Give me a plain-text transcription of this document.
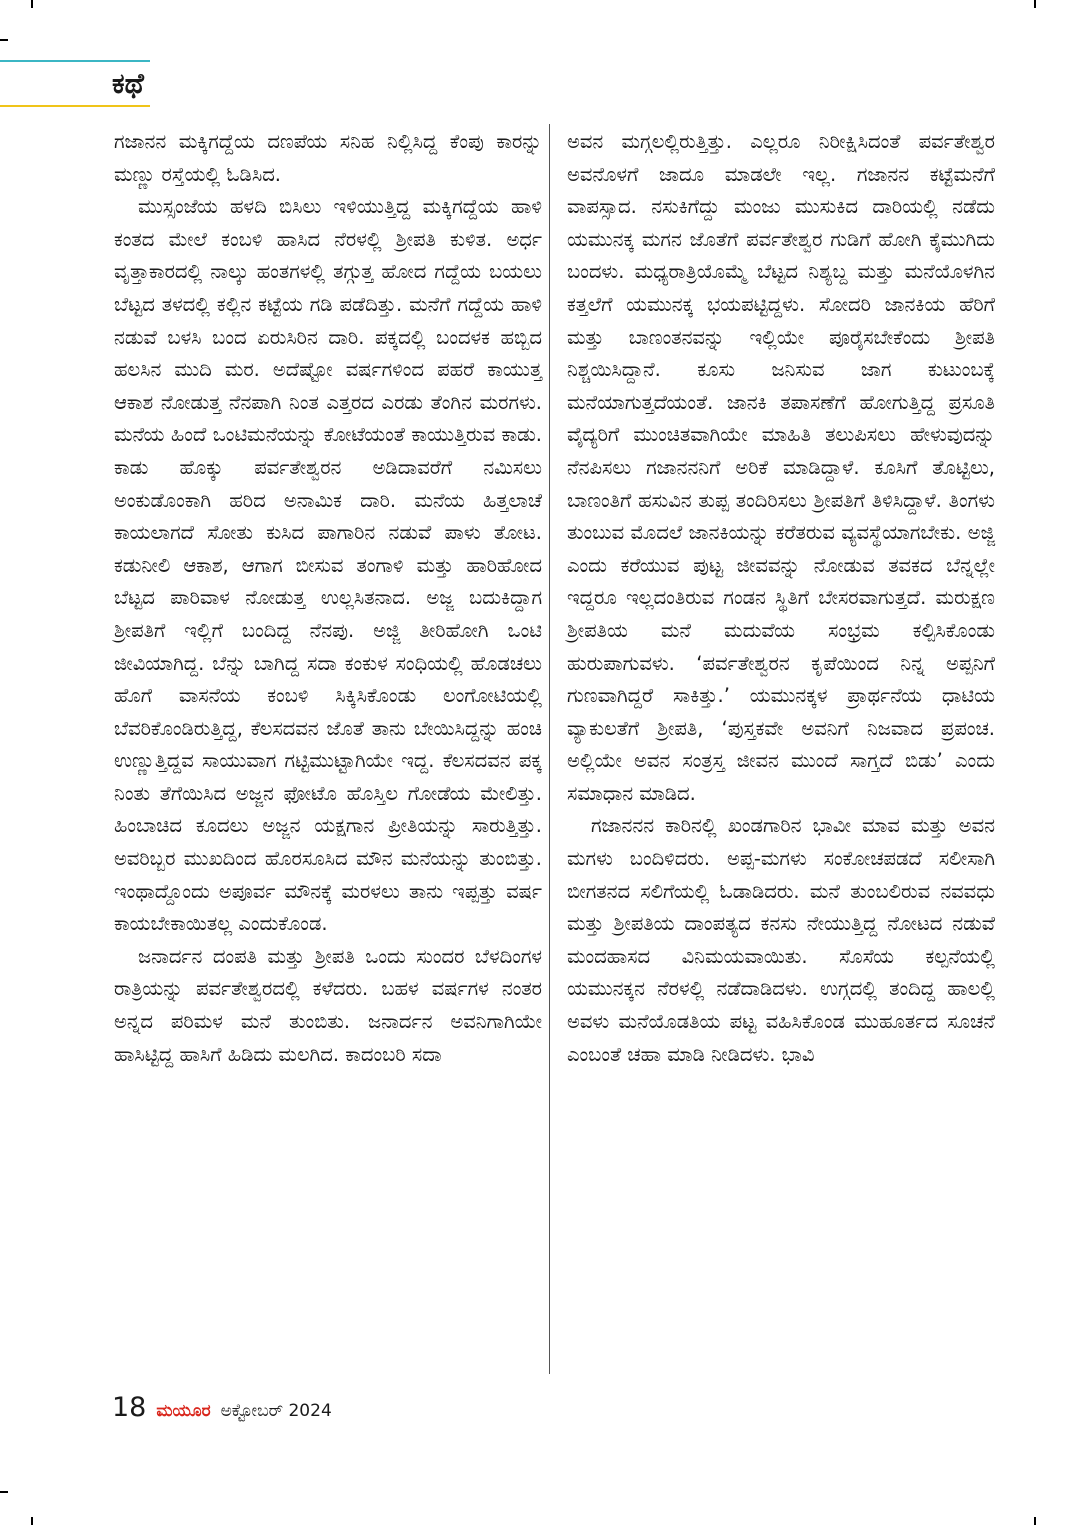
ಕಥೆ

ಗಜಾನನ ಮಕ್ಕಿಗದ್ದೆಯ ದಣಪೆಯ ಸನಿಹ ನಿಲ್ಲಿಸಿದ್ದ ಕೆಂಪು ಕಾರನ್ನು ಮಣ್ಣು ರಸ್ತೆಯಲ್ಲಿ ಓಡಿಸಿದ.

ಮುಸ್ಸಂಜೆಯ ಹಳದಿ ಬಿಸಿಲು ಇಳಿಯುತ್ತಿದ್ದ ಮಕ್ಕಿಗದ್ದೆಯ ಹಾಳಿ ಕಂತದ ಮೇಲೆ ಕಂಬಳಿ ಹಾಸಿದ ನೆರಳಲ್ಲಿ ಶ್ರೀಪತಿ ಕುಳಿತ. ಅರ್ಧ ವೃತ್ತಾಕಾರದಲ್ಲಿ ನಾಲ್ಕು ಹಂತಗಳಲ್ಲಿ ತಗ್ಗುತ್ತ ಹೋದ ಗದ್ದೆಯ ಬಯಲು ಬೆಟ್ಟದ ತಳದಲ್ಲಿ ಕಲ್ಲಿನ ಕಟ್ಟೆಯ ಗಡಿ ಪಡೆದಿತ್ತು. ಮನೆಗೆ ಗದ್ದೆಯ ಹಾಳಿ ನಡುವೆ ಬಳಸಿ ಬಂದ ಏರುಸಿರಿನ ದಾರಿ. ಪಕ್ಕದಲ್ಲಿ ಬಂದಳಕ ಹಬ್ಬಿದ ಹಲಸಿನ ಮುದಿ ಮರ. ಅದೆಷ್ಟೋ ವರ್ಷಗಳಿಂದ ಪಹರೆ ಕಾಯುತ್ತ ಆಕಾಶ ನೋಡುತ್ತ ನೆನಪಾಗಿ ನಿಂತ ಎತ್ತರದ ಎರಡು ತೆಂಗಿನ ಮರಗಳು. ಮನೆಯ ಹಿಂದೆ ಒಂಟಿಮನೆಯನ್ನು ಕೋಟೆಯಂತೆ ಕಾಯುತ್ತಿರುವ ಕಾಡು. ಕಾಡು ಹೊಕ್ಕು ಪರ್ವತೇಶ್ವರನ ಅಡಿದಾವರೆಗೆ ನಮಿಸಲು ಅಂಕುಡೊಂಕಾಗಿ ಹರಿದ ಅನಾಮಿಕ ದಾರಿ. ಮನೆಯ ಹಿತ್ತಲಾಚೆ ಕಾಯಲಾಗದೆ ಸೋತು ಕುಸಿದ ಪಾಗಾರಿನ ನಡುವೆ ಪಾಳು ತೋಟ. ಕಡುನೀಲಿ ಆಕಾಶ, ಆಗಾಗ ಬೀಸುವ ತಂಗಾಳಿ ಮತ್ತು ಹಾರಿಹೋದ ಬೆಟ್ಟದ ಪಾರಿವಾಳ ನೋಡುತ್ತ ಉಲ್ಲಸಿತನಾದ. ಅಜ್ಜ ಬದುಕಿದ್ದಾಗ ಶ್ರೀಪತಿಗೆ ಇಲ್ಲಿಗೆ ಬಂದಿದ್ದ ನೆನಪು. ಅಜ್ಜಿ ತೀರಿಹೋಗಿ ಒಂಟಿ ಜೀವಿಯಾಗಿದ್ದ. ಬೆನ್ನು ಬಾಗಿದ್ದ ಸದಾ ಕಂಕುಳ ಸಂಧಿಯಲ್ಲಿ ಹೊಡಚಲು ಹೊಗೆ ವಾಸನೆಯ ಕಂಬಳಿ ಸಿಕ್ಕಿಸಿಕೊಂಡು ಲಂಗೋಟಿಯಲ್ಲಿ ಬೆವರಿಕೊಂಡಿರುತ್ತಿದ್ದ, ಕೆಲಸದವನ ಜೊತೆ ತಾನು ಬೇಯಿಸಿದ್ದನ್ನು ಹಂಚಿ ಉಣ್ಣುತ್ತಿದ್ದವ ಸಾಯುವಾಗ ಗಟ್ಟಿಮುಟ್ಟಾಗಿಯೇ ಇದ್ದ. ಕೆಲಸದವನ ಪಕ್ಕ ನಿಂತು ತೆಗೆಯಿಸಿದ ಅಜ್ಜನ ಫೋಟೊ ಹೊಸ್ತಿಲ ಗೋಡೆಯ ಮೇಲಿತ್ತು. ಹಿಂಬಾಚಿದ ಕೂದಲು ಅಜ್ಜನ ಯಕ್ಷಗಾನ ಪ್ರೀತಿಯನ್ನು ಸಾರುತ್ತಿತ್ತು. ಅವರಿಬ್ಬರ ಮುಖದಿಂದ ಹೊರಸೂಸಿದ ಮೌನ ಮನೆಯನ್ನು ತುಂಬಿತ್ತು. ಇಂಥಾದ್ದೊಂದು ಅಪೂರ್ವ ಮೌನಕ್ಕೆ ಮರಳಲು ತಾನು ಇಪ್ಪತ್ತು ವರ್ಷ ಕಾಯಬೇಕಾಯಿತಲ್ಲ ಎಂದುಕೊಂಡ.

ಜನಾರ್ದನ ದಂಪತಿ ಮತ್ತು ಶ್ರೀಪತಿ ಒಂದು ಸುಂದರ ಬೆಳದಿಂಗಳ ರಾತ್ರಿಯನ್ನು ಪರ್ವತೇಶ್ವರದಲ್ಲಿ ಕಳೆದರು. ಬಹಳ ವರ್ಷಗಳ ನಂತರ ಅನ್ನದ ಪರಿಮಳ ಮನೆ ತುಂಬಿತು. ಜನಾರ್ದನ ಅವನಿಗಾಗಿಯೇ ಹಾಸಿಟ್ಟಿದ್ದ ಹಾಸಿಗೆ ಹಿಡಿದು ಮಲಗಿದ. ಕಾದಂಬರಿ ಸದಾ

ಅವನ ಮಗ್ಗಲಲ್ಲಿರುತ್ತಿತ್ತು. ಎಲ್ಲರೂ ನಿರೀಕ್ಷಿಸಿದಂತೆ ಪರ್ವತೇಶ್ವರ ಅವನೊಳಗೆ ಜಾದೂ ಮಾಡಲೇ ಇಲ್ಲ. ಗಜಾನನ ಕಟ್ಟೆಮನೆಗೆ ವಾಪಸ್ಸಾದ. ನಸುಕಿಗೆದ್ದು ಮಂಜು ಮುಸುಕಿದ ದಾರಿಯಲ್ಲಿ ನಡೆದು ಯಮುನಕ್ಕ ಮಗನ ಜೊತೆಗೆ ಪರ್ವತೇಶ್ವರ ಗುಡಿಗೆ ಹೋಗಿ ಕೈಮುಗಿದು ಬಂದಳು. ಮಧ್ಯರಾತ್ರಿಯೊಮ್ಮೆ ಬೆಟ್ಟದ ನಿಶ್ಯಬ್ದ ಮತ್ತು ಮನೆಯೊಳಗಿನ ಕತ್ತಲೆಗೆ ಯಮುನಕ್ಕ ಭಯಪಟ್ಟಿದ್ದಳು. ಸೋದರಿ ಜಾನಕಿಯ ಹೆರಿಗೆ ಮತ್ತು ಬಾಣಂತನವನ್ನು ಇಲ್ಲಿಯೇ ಪೂರೈಸಬೇಕೆಂದು ಶ್ರೀಪತಿ ನಿಶ್ಚಯಿಸಿದ್ದಾನೆ. ಕೂಸು ಜನಿಸುವ ಜಾಗ ಕುಟುಂಬಕ್ಕೆ ಮನೆಯಾಗುತ್ತದೆಯಂತೆ. ಜಾನಕಿ ತಪಾಸಣೆಗೆ ಹೋಗುತ್ತಿದ್ದ ಪ್ರಸೂತಿ ವೈದ್ಯರಿಗೆ ಮುಂಚಿತವಾಗಿಯೇ ಮಾಹಿತಿ ತಲುಪಿಸಲು ಹೇಳುವುದನ್ನು ನೆನಪಿಸಲು ಗಜಾನನನಿಗೆ ಅರಿಕೆ ಮಾಡಿದ್ದಾಳೆ. ಕೂಸಿಗೆ ತೊಟ್ಟಿಲು, ಬಾಣಂತಿಗೆ ಹಸುವಿನ ತುಪ್ಪ ತಂದಿರಿಸಲು ಶ್ರೀಪತಿಗೆ ತಿಳಿಸಿದ್ದಾಳೆ. ತಿಂಗಳು ತುಂಬುವ ಮೊದಲೆ ಜಾನಕಿಯನ್ನು ಕರೆತರುವ ವ್ಯವಸ್ಥೆಯಾಗಬೇಕು. ಅಜ್ಜಿ ಎಂದು ಕರೆಯುವ ಪುಟ್ಟ ಜೀವವನ್ನು ನೋಡುವ ತವಕದ ಬೆನ್ನಲ್ಲೇ ಇದ್ದರೂ ಇಲ್ಲದಂತಿರುವ ಗಂಡನ ಸ್ಥಿತಿಗೆ ಬೇಸರವಾಗುತ್ತದೆ. ಮರುಕ್ಷಣ ಶ್ರೀಪತಿಯ ಮನೆ ಮದುವೆಯ ಸಂಭ್ರಮ ಕಲ್ಪಿಸಿಕೊಂಡು ಹುರುಪಾಗುವಳು. ‘ಪರ್ವತೇಶ್ವರನ ಕೃಪೆಯಿಂದ ನಿನ್ನ ಅಪ್ಪನಿಗೆ ಗುಣವಾಗಿದ್ದರೆ ಸಾಕಿತ್ತು.’ ಯಮುನಕ್ಕಳ ಪ್ರಾರ್ಥನೆಯ ಧಾಟಿಯ ವ್ಯಾಕುಲತೆಗೆ ಶ್ರೀಪತಿ, ‘ಪುಸ್ತಕವೇ ಅವನಿಗೆ ನಿಜವಾದ ಪ್ರಪಂಚ. ಅಲ್ಲಿಯೇ ಅವನ ಸಂತ್ರಸ್ತ ಜೀವನ ಮುಂದೆ ಸಾಗ್ತದೆ ಬಿಡು’ ಎಂದು ಸಮಾಧಾನ ಮಾಡಿದ.

ಗಜಾನನನ ಕಾರಿನಲ್ಲಿ ಖಂಡಗಾರಿನ ಭಾವೀ ಮಾವ ಮತ್ತು ಅವನ ಮಗಳು ಬಂದಿಳಿದರು. ಅಪ್ಪ-ಮಗಳು ಸಂಕೋಚಪಡದೆ ಸಲೀಸಾಗಿ ಬೀಗತನದ ಸಲಿಗೆಯಲ್ಲಿ ಓಡಾಡಿದರು. ಮನೆ ತುಂಬಲಿರುವ ನವವಧು ಮತ್ತು ಶ್ರೀಪತಿಯ ದಾಂಪತ್ಯದ ಕನಸು ನೇಯುತ್ತಿದ್ದ ನೋಟದ ನಡುವೆ ಮಂದಹಾಸದ ವಿನಿಮಯವಾಯಿತು. ಸೊಸೆಯ ಕಲ್ಪನೆಯಲ್ಲಿ ಯಮುನಕ್ಕನ ನೆರಳಲ್ಲಿ ನಡೆದಾಡಿದಳು. ಉಗ್ಗದಲ್ಲಿ ತಂದಿದ್ದ ಹಾಲಲ್ಲಿ ಅವಳು ಮನೆಯೊಡತಿಯ ಪಟ್ಟ ವಹಿಸಿಕೊಂಡ ಮುಹೂರ್ತದ ಸೂಚನೆ ಎಂಬಂತೆ ಚಹಾ ಮಾಡಿ ನೀಡಿದಳು. ಭಾವಿ

18 ಮಯೂರ ಅಕ್ಟೋಬರ್ 2024
